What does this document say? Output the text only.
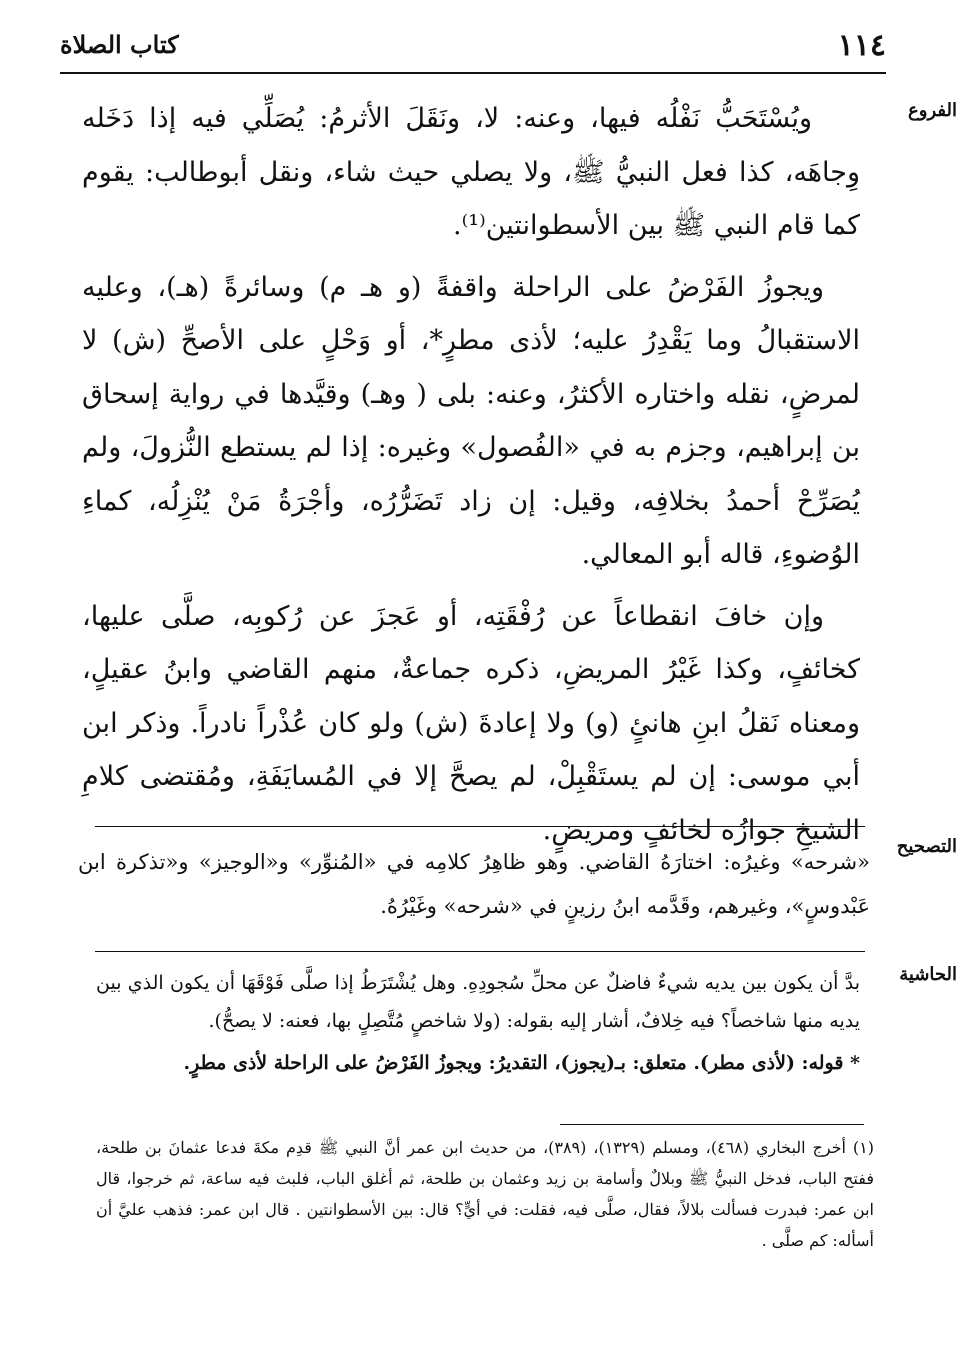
١١٤
كتاب الصلاة
الفروع

ويُسْتَحَبُّ نَفْلُه فيها، وعنه: لا، ونَقَلَ الأثرمُ: يُصَلِّي فيه إذا دَخَله وِجاهَه، كذا فعل النبيُّ ﷺ، ولا يصلي حيث شاء، ونقل أبوطالب: يقوم كما قام النبي ﷺ بين الأسطوانتين⁽¹⁾.

ويجوزُ الفَرْضُ على الراحلة واقفةً (و هـ م) وسائرةً (هـ)، وعليه الاستقبالُ وما يَقْدِرُ عليه؛ لأذى مطرٍ*، أو وَحْلٍ على الأصحِّ (ش) لا لمرضٍ، نقله واختاره الأكثرُ، وعنه: بلى ( وهـ) وقيَّدها في رواية إسحاق بن إبراهيم، وجزم به في «الفُصول» وغيره: إذا لم يستطع النُّزولَ، ولم يُصَرِّحْ أحمدُ بخلافِه، وقيل: إن زاد تَضَرُّرُه، وأجْرَةُ مَنْ يُنْزِلُه، كماءِ الوُضوءِ، قاله أبو المعالي.

وإن خافَ انقطاعاً عن رُفْقَتِه، أو عَجزَ عن رُكوبِه، صلَّى عليها، كخائفٍ، وكذا غَيْرُ المريضِ، ذكره جماعةٌ، منهم القاضي وابنُ عقيلٍ، ومعناه نَقلُ ابنِ هانئٍ (و) ولا إعادةَ (ش) ولو كان عُذْراً نادراً. وذكر ابن أبي موسى: إن لم يستَقْبِلْ، لم يصحَّ إلا في المُسايَفَةِ، ومُقتضى كلامِ الشيخِ جوازُه لخائفٍ ومريضٍ.

التصحيح

«شرحه» وغيرُه: اختارَهُ القاضي. وهو ظاهِرُ كلامِه في «المُنوِّر» و«الوجيز» و«تذكرة ابن عَبْدوسٍ»، وغيرهم، وقَدَّمه ابنُ رزينٍ في «شرحه» وغَيْرُهُ.

الحاشية

بدَّ أن يكون بين يديه شيءٌ فاضلٌ عن محلِّ سُجودِهِ. وهل يُشْتَرَطُ إذا صلَّى فَوْقَهَا أن يكون الذي بين يديه منها شاخصاً؟ فيه خِلافٌ، أشار إليه بقوله: (ولا شاخصٍ مُتَّصِلٍ بها، فعنه: لا يصحُّ).

* قوله: (لأذى مطر). متعلق: بـ(يجوز)، التقديرُ: ويجوزُ الفَرْضُ على الراحلة لأذى مطرٍ.

(١) أخرج البخاري (٤٦٨)، ومسلم (١٣٢٩)، (٣٨٩)، من حديث ابن عمر أنَّ النبي ﷺ قدِم مكةَ فدعا عثمانَ بن طلحة، ففتح الباب، فدخل النبيُّ ﷺ وبلالٌ وأسامة بن زيد وعثمان بن طلحة، ثم أغلق الباب، فلبث فيه ساعة، ثم خرجوا، قال ابن عمر: فبدرت فسألت بلالاً، فقال، صلَّى فيه، فقلت: في أيٍّ؟ قال: بين الأسطوانتين . قال ابن عمر: فذهب عليَّ أن أسأله: كم صلَّى .
